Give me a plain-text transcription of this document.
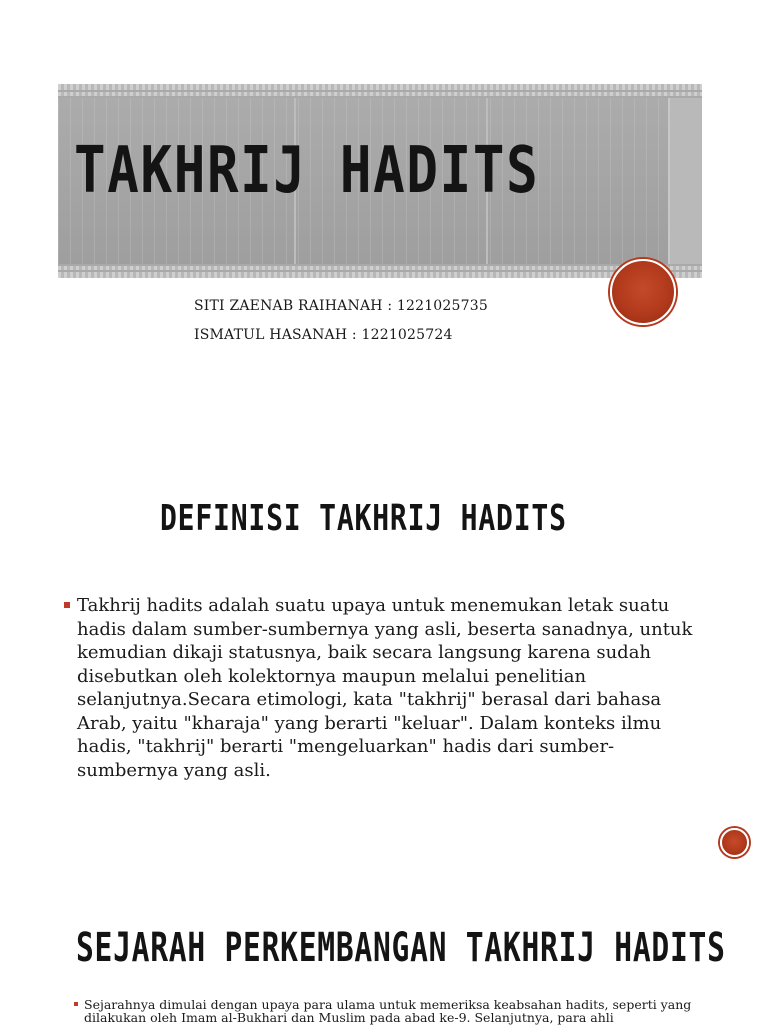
TAKHRIJ HADITS
SITI ZAENAB RAIHANAH : 1221025735
ISMATUL HASANAH : 1221025724
DEFINISI TAKHRIJ HADITS
Takhrij hadits adalah suatu upaya untuk menemukan letak suatu hadis dalam sumber-sumbernya yang asli, beserta sanadnya, untuk kemudian dikaji statusnya, baik secara langsung karena sudah disebutkan oleh kolektornya maupun melalui penelitian selanjutnya.Secara etimologi, kata "takhrij" berasal dari bahasa Arab, yaitu "kharaja" yang berarti "keluar". Dalam konteks ilmu hadis, "takhrij" berarti "mengeluarkan" hadis dari sumber-sumbernya yang asli.
SEJARAH PERKEMBANGAN TAKHRIJ HADITS
Sejarahnya dimulai dengan upaya para ulama untuk memeriksa keabsahan hadits, seperti yang dilakukan oleh Imam al-Bukhari dan Muslim pada abad ke-9. Selanjutnya, para ahli
